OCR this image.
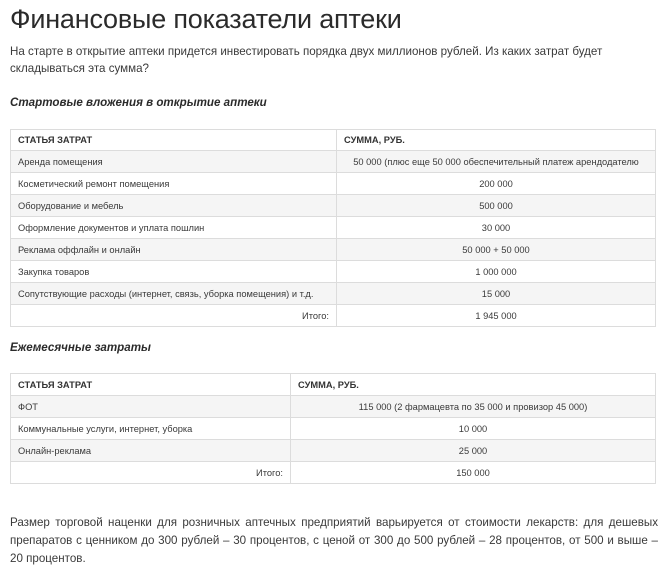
Финансовые показатели аптеки

На старте в открытие аптеки придется инвестировать порядка двух миллионов рублей. Из каких затрат будет складываться эта сумма?

Стартовые вложения в открытие аптеки
СТАТЬЯ ЗАТРАТ	СУММА, РУБ.
Аренда помещения	50 000 (плюс еще 50 000 обеспечительный платеж арендодателю
Косметический ремонт помещения	200 000
Оборудование и мебель	500 000
Оформление документов и уплата пошлин	30 000
Реклама оффлайн и онлайн	50 000 + 50 000
Закупка товаров	1 000 000
Сопутствующие расходы (интернет, связь, уборка помещения) и т.д.	15 000
Итого:	1 945 000
Ежемесячные затраты
СТАТЬЯ ЗАТРАТ	СУММА, РУБ.
ФОТ	115 000 (2 фармацевта по 35 000 и провизор 45 000)
Коммунальные услуги, интернет, уборка	10 000
Онлайн-реклама	25 000
Итого:	150 000

Размер торговой наценки для розничных аптечных предприятий варьируется от стоимости лекарств: для дешевых препаратов с ценником до 300 рублей – 30 процентов, с ценой от 300 до 500 рублей – 28 процентов, от 500 и выше – 20 процентов.
